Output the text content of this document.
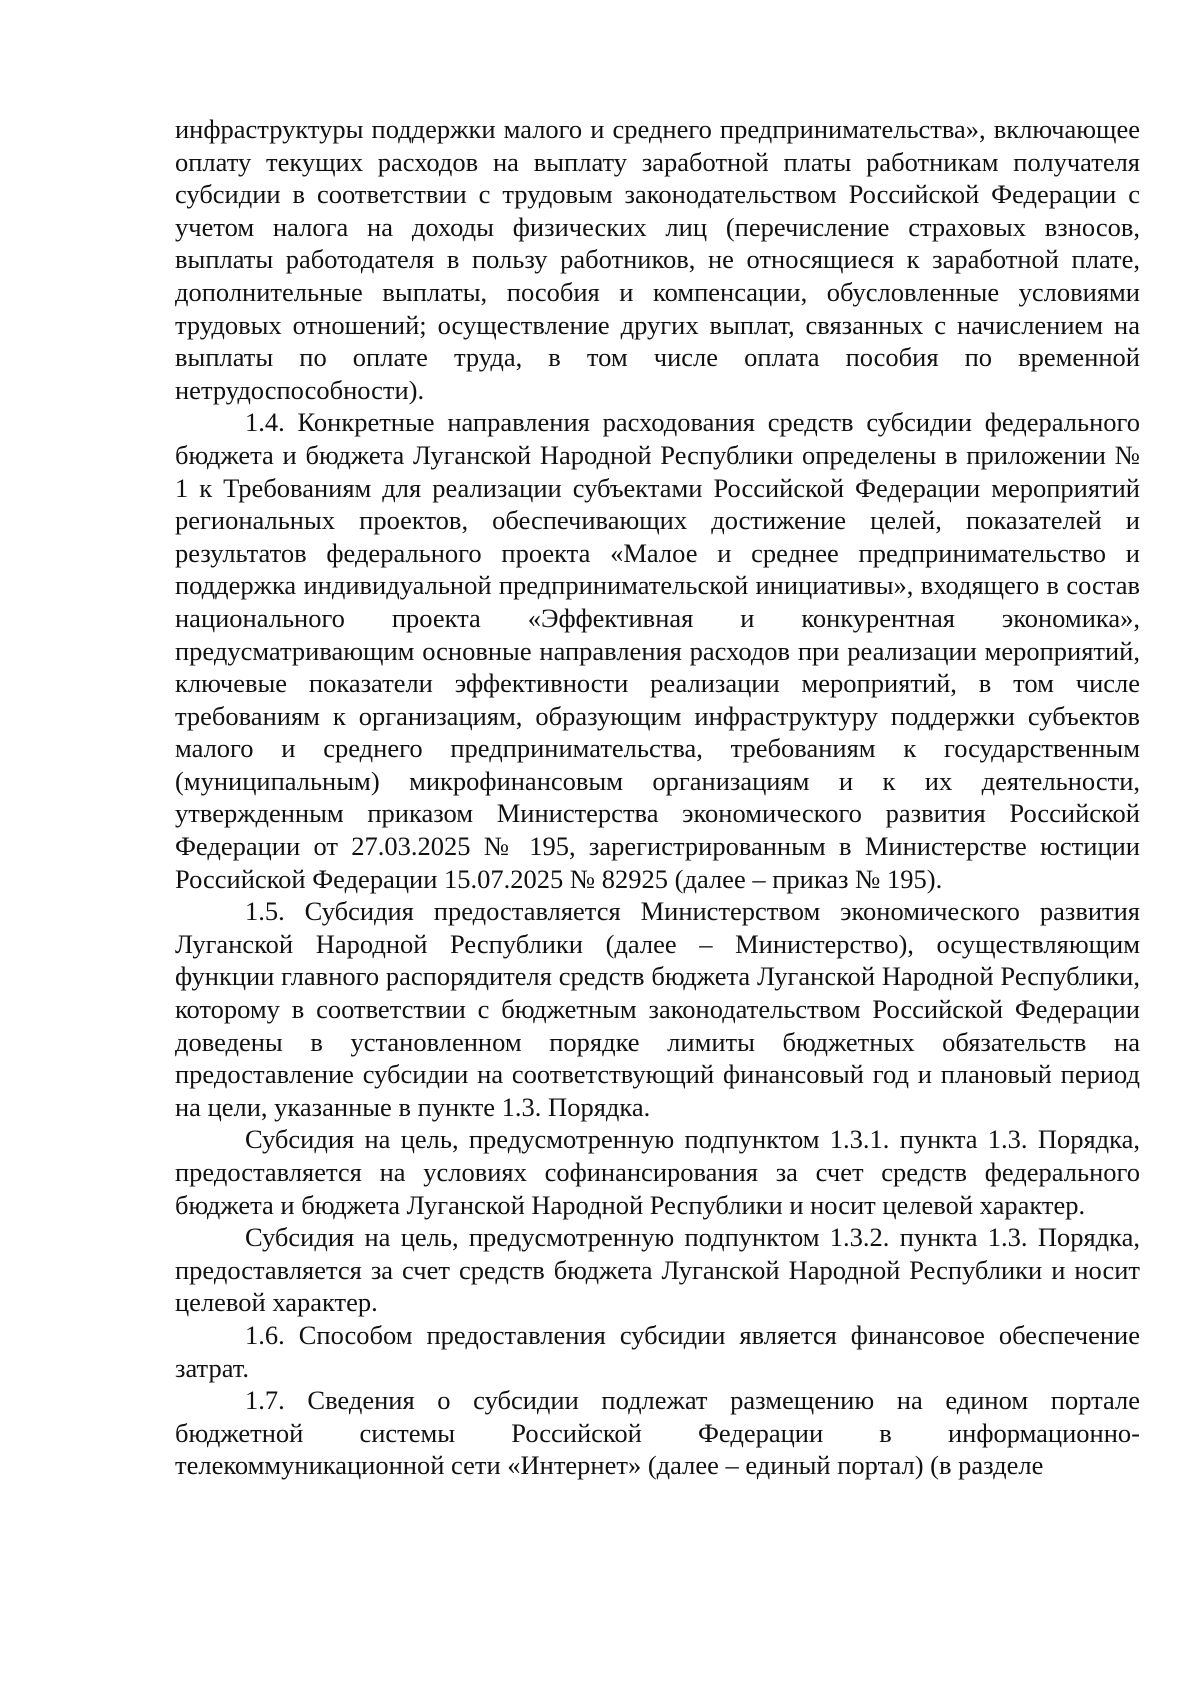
инфраструктуры поддержки малого и среднего предпринимательства», включающее оплату текущих расходов на выплату заработной платы работникам получателя субсидии в соответствии с трудовым законодательством Российской Федерации с учетом налога на доходы физических лиц (перечисление страховых взносов, выплаты работодателя в пользу работников, не относящиеся к заработной плате, дополнительные выплаты, пособия и компенсации, обусловленные условиями трудовых отношений; осуществление других выплат, связанных с начислением на выплаты по оплате труда, в том числе оплата пособия по временной нетрудоспособности).

1.4. Конкретные направления расходования средств субсидии федерального бюджета и бюджета Луганской Народной Республики определены в приложении № 1 к Требованиям для реализации субъектами Российской Федерации мероприятий региональных проектов, обеспечивающих достижение целей, показателей и результатов федерального проекта «Малое и среднее предпринимательство и поддержка индивидуальной предпринимательской инициативы», входящего в состав национального проекта «Эффективная и конкурентная экономика», предусматривающим основные направления расходов при реализации мероприятий, ключевые показатели эффективности реализации мероприятий, в том числе требованиям к организациям, образующим инфраструктуру поддержки субъектов малого и среднего предпринимательства, требованиям к государственным (муниципальным) микрофинансовым организациям и к их деятельности, утвержденным приказом Министерства экономического развития Российской Федерации от 27.03.2025 № 195, зарегистрированным в Министерстве юстиции Российской Федерации 15.07.2025 № 82925 (далее – приказ № 195).

1.5. Субсидия предоставляется Министерством экономического развития Луганской Народной Республики (далее – Министерство), осуществляющим функции главного распорядителя средств бюджета Луганской Народной Республики, которому в соответствии с бюджетным законодательством Российской Федерации доведены в установленном порядке лимиты бюджетных обязательств на предоставление субсидии на соответствующий финансовый год и плановый период на цели, указанные в пункте 1.3. Порядка.

Субсидия на цель, предусмотренную подпунктом 1.3.1. пункта 1.3. Порядка, предоставляется на условиях софинансирования за счет средств федерального бюджета и бюджета Луганской Народной Республики и носит целевой характер.

Субсидия на цель, предусмотренную подпунктом 1.3.2. пункта 1.3. Порядка, предоставляется за счет средств бюджета Луганской Народной Республики и носит целевой характер.

1.6. Способом предоставления субсидии является финансовое обеспечение затрат.

1.7. Сведения о субсидии подлежат размещению на едином портале бюджетной системы Российской Федерации в информационно-телекоммуникационной сети «Интернет» (далее – единый портал) (в разделе
